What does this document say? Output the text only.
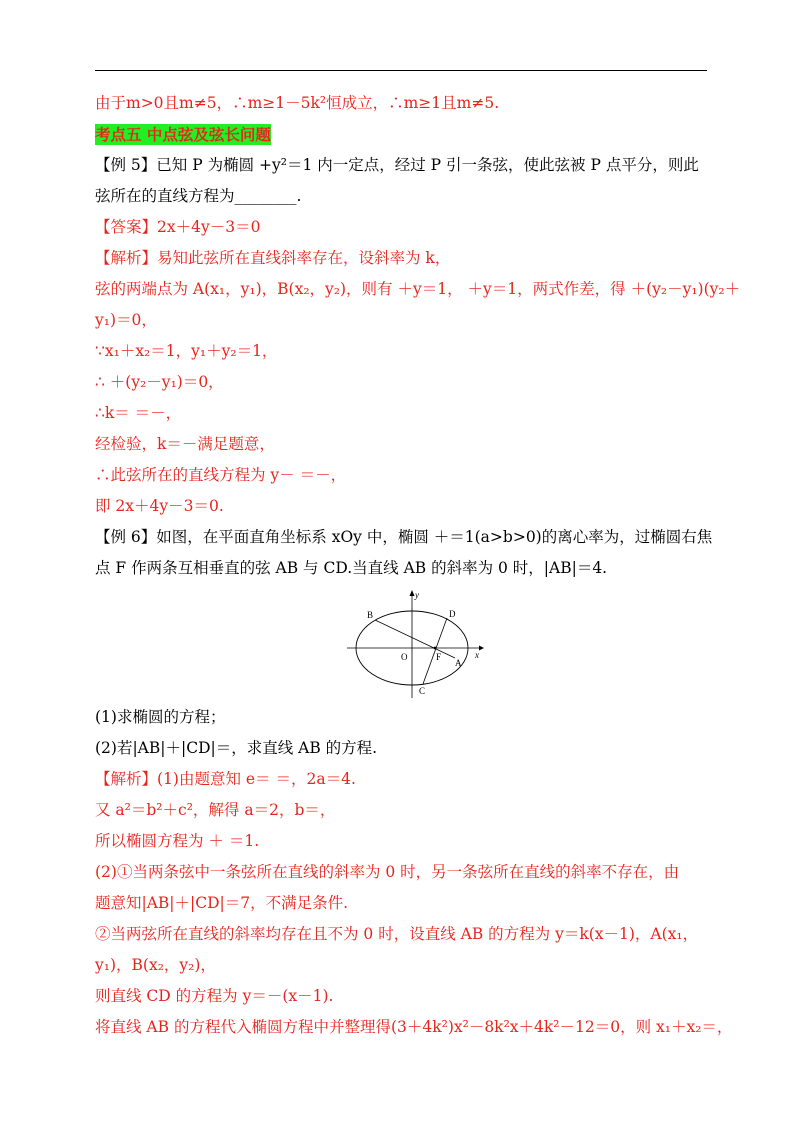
由于m>0且m≠5，∴m≥1－5k²恒成立，∴m≥1且m≠5.
考点五 中点弦及弦长问题
【例 5】已知 P 为椭圆 +y²＝1 内一定点，经过 P 引一条弦，使此弦被 P 点平分，则此
弦所在的直线方程为________.
【答案】2x＋4y－3＝0
【解析】易知此弦所在直线斜率存在，设斜率为 k，
弦的两端点为 A(x₁，y₁)，B(x₂，y₂)，则有 ＋y＝1， ＋y＝1，两式作差，得 ＋(y₂－y₁)(y₂＋
y₁)＝0，
∵x₁＋x₂＝1，y₁＋y₂＝1，
∴ ＋(y₂－y₁)＝0，
∴k＝ ＝－，
经检验，k＝－满足题意，
∴此弦所在的直线方程为 y－ ＝－，
即 2x＋4y－3＝0.
【例 6】如图，在平面直角坐标系 xOy 中，椭圆 ＋＝1(a>b>0)的离心率为，过椭圆右焦
点 F 作两条互相垂直的弦 AB 与 CD.当直线 AB 的斜率为 0 时，|AB|＝4.
y
x
B	D
O	F
A
C
(1)求椭圆的方程；
(2)若|AB|＋|CD|＝，求直线 AB 的方程.
【解析】(1)由题意知 e＝ ＝，2a＝4.
又 a²＝b²＋c²，解得 a＝2，b＝，
所以椭圆方程为 ＋ ＝1.
(2)①当两条弦中一条弦所在直线的斜率为 0 时，另一条弦所在直线的斜率不存在，由
题意知|AB|＋|CD|＝7，不满足条件.
②当两弦所在直线的斜率均存在且不为 0 时，设直线 AB 的方程为 y＝k(x－1)，A(x₁，
y₁)，B(x₂，y₂)，
则直线 CD 的方程为 y＝－(x－1).
将直线 AB 的方程代入椭圆方程中并整理得(3＋4k²)x²－8k²x＋4k²－12＝0，则 x₁＋x₂＝，
